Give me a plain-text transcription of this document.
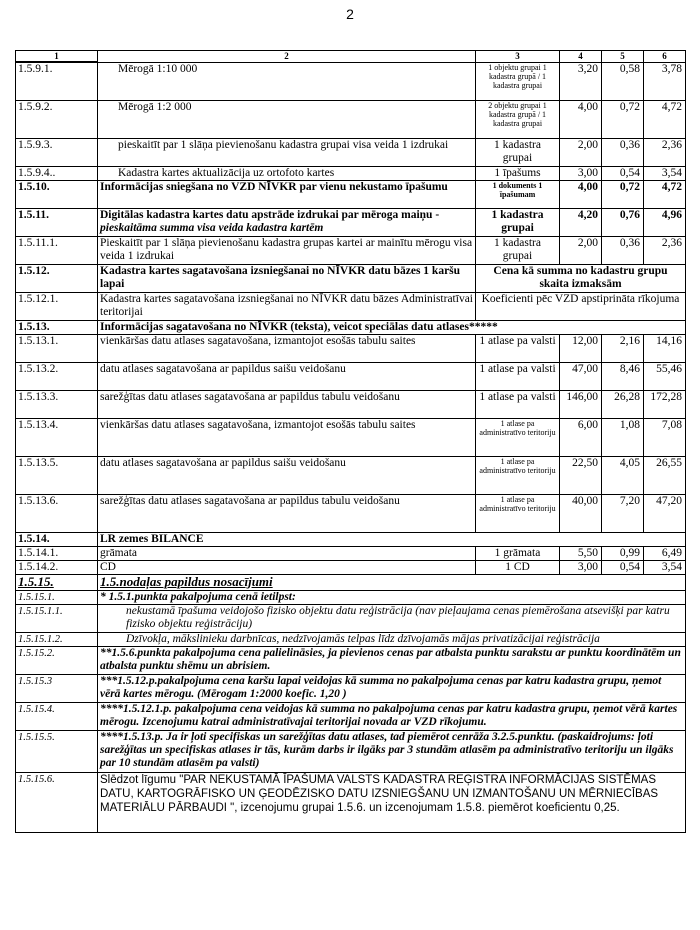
2
1	2	3	4	5	6
1.5.9.1.	Mērogā 1:10 000	1 objektu grupai 1 kadastra grupā / 1 kadastra grupai	3,20	0,58	3,78
1.5.9.2.	Mērogā 1:2 000	2 objektu grupai 1 kadastra grupā / 1 kadastra grupai	4,00	0,72	4,72
1.5.9.3.	pieskaitīt par 1 slāņa pievienošanu kadastra grupai visa veida 1 izdrukai	1 kadastra grupai	2,00	0,36	2,36
1.5.9.4..	Kadastra kartes aktualizācija uz ortofoto kartes	1 īpašums	3,00	0,54	3,54
1.5.10.	Informācijas sniegšana no VZD NĪVKR par vienu nekustamo īpašumu	1 dokuments 1 īpašumam	4,00	0,72	4,72
1.5.11.	Digitālas kadastra kartes datu apstrāde izdrukai par mēroga maiņu - pieskaitāma summa visa veida kadastra kartēm	1 kadastra grupai	4,20	0,76	4,96
1.5.11.1.	Pieskaitīt par 1 slāņa pievienošanu kadastra grupas kartei ar mainītu mērogu visa veida 1 izdrukai	1 kadastra grupai	2,00	0,36	2,36
1.5.12.	Kadastra kartes sagatavošana izsniegšanai no NĪVKR datu bāzes 1 karšu lapai	Cena kā summa no kadastru grupu skaita izmaksām			
1.5.12.1.	Kadastra kartes sagatavošana izsniegšanai no NĪVKR datu bāzes Administratīvai teritorijai	Koeficienti pēc VZD apstiprināta rīkojuma			
1.5.13.	Informācijas sagatavošana no NĪVKR (teksta), veicot speciālas datu atlases*****				
1.5.13.1.	vienkāršas datu atlases sagatavošana, izmantojot esošās tabulu saites	1 atlase pa valsti	12,00	2,16	14,16
1.5.13.2.	datu atlases sagatavošana ar papildus saišu veidošanu	1 atlase pa valsti	47,00	8,46	55,46
1.5.13.3.	sarežģītas datu atlases sagatavošana ar papildus tabulu veidošanu	1 atlase pa valsti	146,00	26,28	172,28
1.5.13.4.	vienkāršas datu atlases sagatavošana, izmantojot esošās tabulu saites	1 atlase pa administratīvo teritoriju	6,00	1,08	7,08
1.5.13.5.	datu atlases sagatavošana ar papildus saišu veidošanu	1 atlase pa administratīvo teritoriju	22,50	4,05	26,55
1.5.13.6.	sarežģītas datu atlases sagatavošana ar papildus tabulu veidošanu	1 atlase pa administratīvo teritoriju	40,00	7,20	47,20
1.5.14.	LR zemes BILANCE				
1.5.14.1.	grāmata	1 grāmata	5,50	0,99	6,49
1.5.14.2.	CD	1 CD	3,00	0,54	3,54
1.5.15.	1.5.nodaļas papildus nosacījumi				
1.5.15.1.	* 1.5.1.punkta pakalpojuma cenā ietilpst:				
1.5.15.1.1.	nekustamā īpašuma veidojošo fizisko objektu datu reģistrācija (nav pieļaujama cenas piemērošana atsevišķi par katru fizisko objektu reģistrāciju)				

1.5.15.1.2.	Dzīvokļa, mākslinieku darbnīcas, nedzīvojamās telpas līdz dzīvojamās mājas privatizācijai reģistrācija				

1.5.15.2.	**1.5.6.punkta pakalpojuma cena palielināsies, ja pievienos cenas par atbalsta punktu sarakstu ar punktu koordinātēm un atbalsta punktu shēmu un abrisiem.				
1.5.15.3	***1.5.12.p.pakalpojuma cena karšu lapai veidojas kā summa no pakalpojuma cenas par katru kadastra grupu, ņemot vērā kartes mērogu. (Mērogam 1:2000 koefic. 1,20 )				
1.5.15.4.	****1.5.12.1.p. pakalpojuma cena veidojas kā summa no pakalpojuma cenas par katru kadastra grupu, ņemot vērā kartes mērogu. Izcenojumu katrai administratīvajai teritorijai novada ar VZD rīkojumu.				
1.5.15.5.	****1.5.13.p. Ja ir ļoti specifiskas un sarežģītas datu atlases, tad piemērot cenrāža 3.2.5.punktu. (paskaidrojums: ļoti sarežģītas un specifiskas atlases ir tās, kurām darbs ir ilgāks par 3 stundām atlasēm pa administratīvo teritoriju un ilgāks par 10 stundām atlasēm pa valsti)				
1.5.15.6.	Slēdzot līgumu "PAR NEKUSTAMĀ ĪPAŠUMA VALSTS KADASTRA REĢISTRA INFORMĀCIJAS SISTĒMAS DATU, KARTOGRĀFISKO UN ĢEODĒZISKO DATU IZSNIEGŠANU UN IZMANTOŠANU UN MĒRNIECĪBAS MATERIĀLU PĀRBAUDI ", izcenojumu grupai 1.5.6. un izcenojumam 1.5.8. piemērot koeficientu 0,25.				
